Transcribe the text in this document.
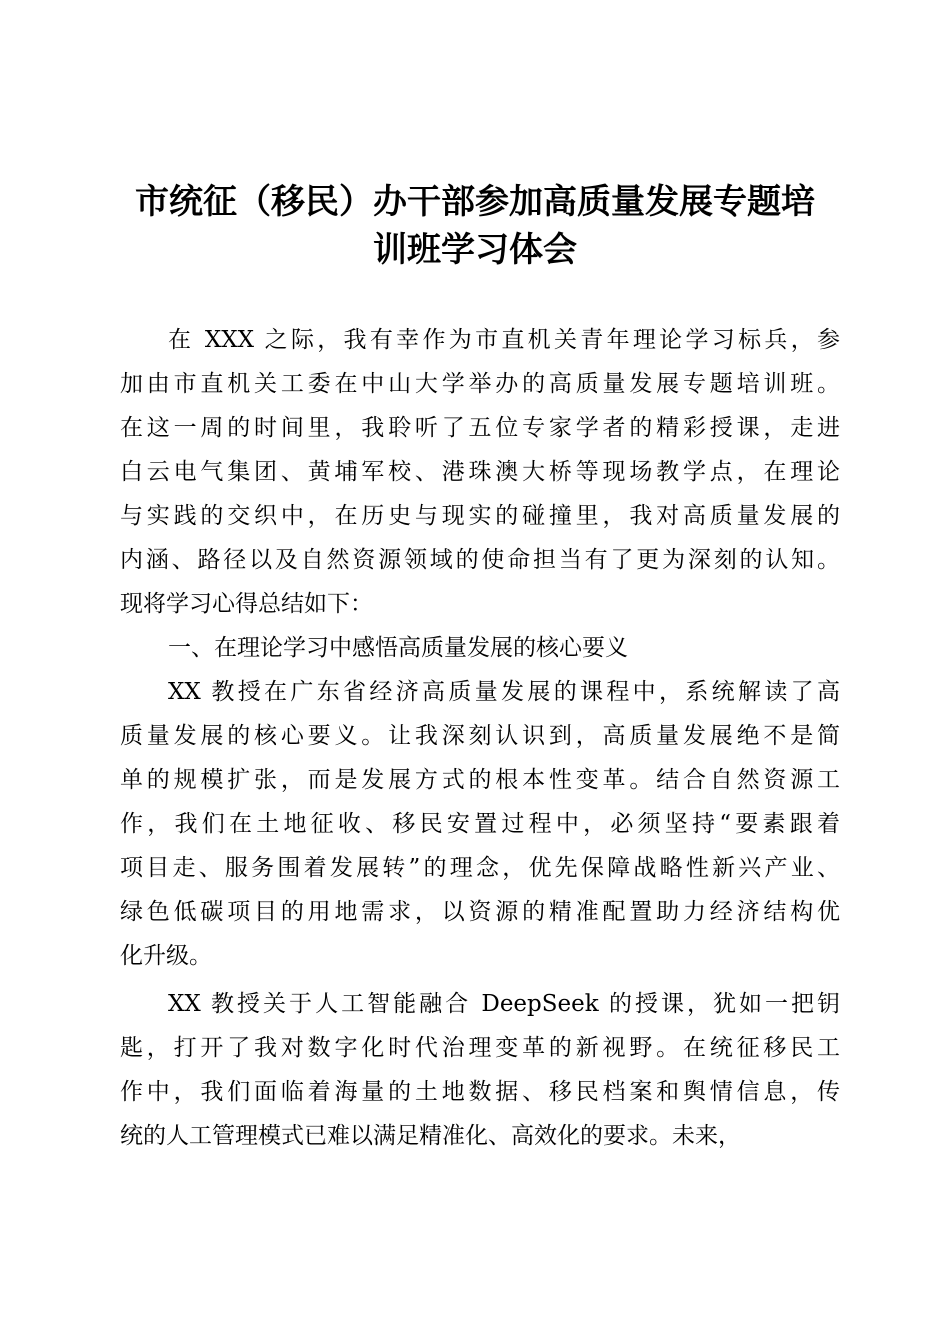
市统征（移民）办干部参加高质量发展专题培
训班学习体会
在 XXX 之际，我有幸作为市直机关青年理论学习标兵，参
加由市直机关工委在中山大学举办的高质量发展专题培训班。
在这一周的时间里，我聆听了五位专家学者的精彩授课，走进
白云电气集团、黄埔军校、港珠澳大桥等现场教学点，在理论
与实践的交织中，在历史与现实的碰撞里，我对高质量发展的
内涵、路径以及自然资源领域的使命担当有了更为深刻的认知。
现将学习心得总结如下：
一、在理论学习中感悟高质量发展的核心要义
XX 教授在广东省经济高质量发展的课程中，系统解读了高
质量发展的核心要义。让我深刻认识到，高质量发展绝不是简
单的规模扩张，而是发展方式的根本性变革。结合自然资源工
作，我们在土地征收、移民安置过程中，必须坚持“要素跟着
项目走、服务围着发展转”的理念，优先保障战略性新兴产业、
绿色低碳项目的用地需求，以资源的精准配置助力经济结构优
化升级。
XX 教授关于人工智能融合 DeepSeek 的授课，犹如一把钥
匙，打开了我对数字化时代治理变革的新视野。在统征移民工
作中，我们面临着海量的土地数据、移民档案和舆情信息，传
统的人工管理模式已难以满足精准化、高效化的要求。未来，
